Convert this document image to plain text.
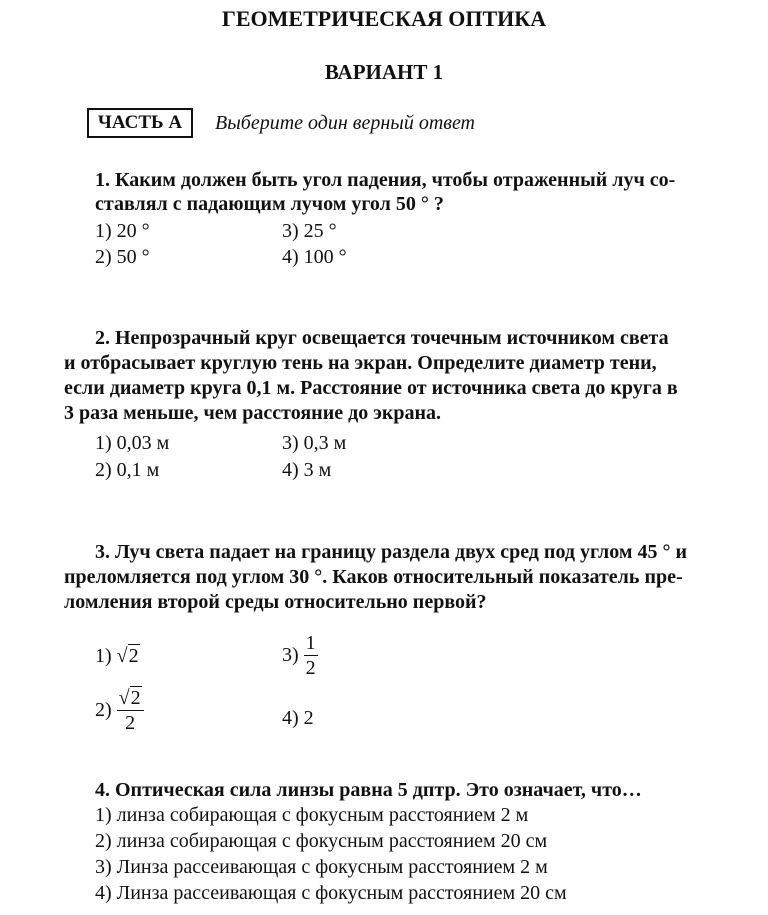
ГЕОМЕТРИЧЕСКАЯ ОПТИКА
ВАРИАНТ 1
ЧАСТЬ А	Выберите один верный ответ
1. Каким должен быть угол падения, чтобы отраженный луч со-
ставлял с падающим лучом угол 50 ° ?
1) 20 °
2) 50 °
3) 25 °
4) 100 °
2. Непрозрачный круг освещается точечным источником света
и отбрасывает круглую тень на экран. Определите диаметр тени,
если диаметр круга 0,1 м. Расстояние от источника света до круга в
3 раза меньше, чем расстояние до экрана.
1) 0,03 м
2) 0,1 м
3) 0,3 м
4) 3 м
3. Луч света падает на границу раздела двух сред под углом 45 ° и
преломляется под углом 30 °. Каков относительный показатель пре-
ломления второй среды относительно первой?
1) √2
$2) \frac{√2}{2}$
$3) \frac{1}{2}$
4) 2
4. Оптическая сила линзы равна 5 дптр. Это означает, что…
1) линза собирающая с фокусным расстоянием 2 м
2) линза собирающая с фокусным расстоянием 20 см
3) Линза рассеивающая с фокусным расстоянием 2 м
4) Линза рассеивающая с фокусным расстоянием 20 см
